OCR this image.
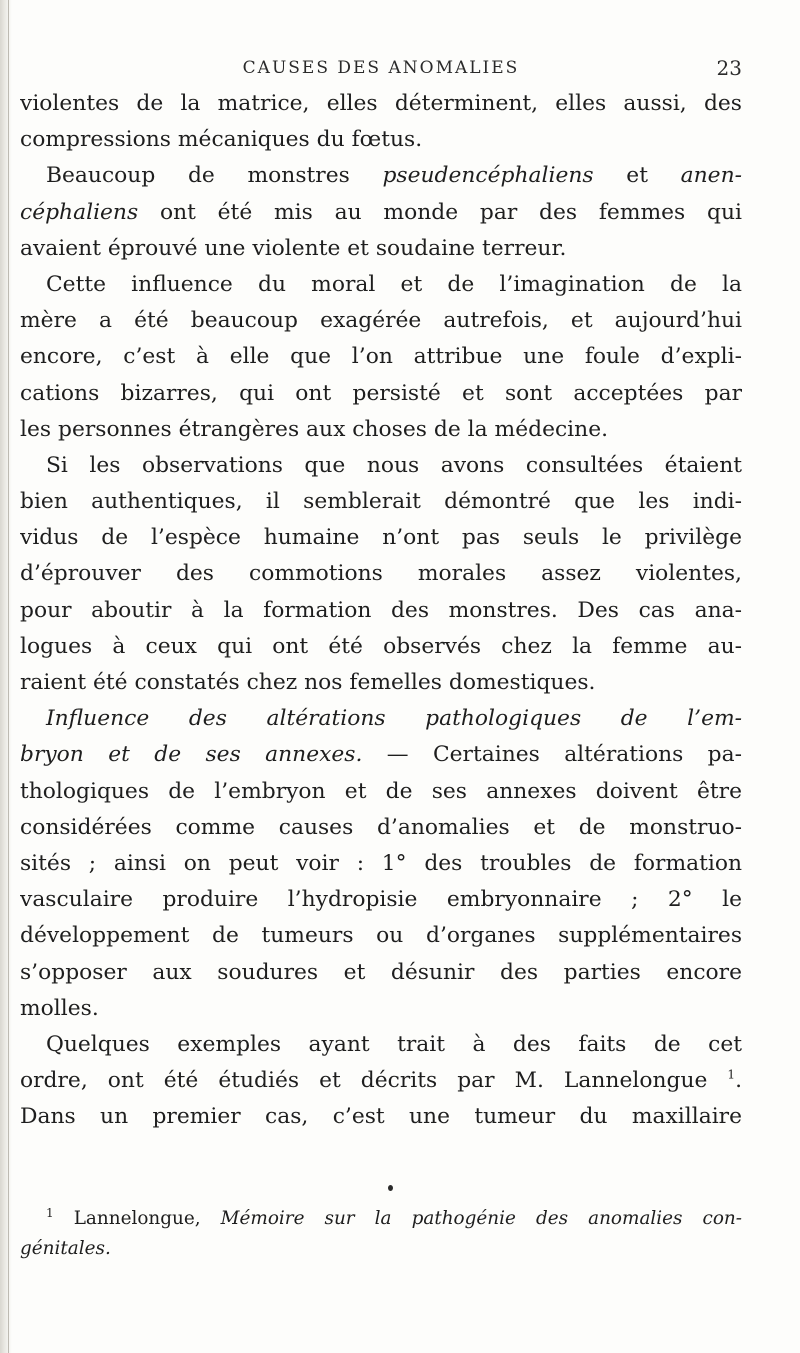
CAUSES DES ANOMALIES	23
violentes de la matrice, elles déterminent, elles aussi, des
compressions mécaniques du fœtus.
Beaucoup de monstres pseudencéphaliens et anen-
céphaliens ont été mis au monde par des femmes qui
avaient éprouvé une violente et soudaine terreur.
Cette influence du moral et de l’imagination de la
mère a été beaucoup exagérée autrefois, et aujourd’hui
encore, c’est à elle que l’on attribue une foule d’expli-
cations bizarres, qui ont persisté et sont acceptées par
les personnes étrangères aux choses de la médecine.
Si les observations que nous avons consultées étaient
bien authentiques, il semblerait démontré que les indi-
vidus de l’espèce humaine n’ont pas seuls le privilège
d’éprouver des commotions morales assez violentes,
pour aboutir à la formation des monstres. Des cas ana-
logues à ceux qui ont été observés chez la femme au-
raient été constatés chez nos femelles domestiques.
Influence des altérations pathologiques de l’em-
bryon et de ses annexes. — Certaines altérations pa-
thologiques de l’embryon et de ses annexes doivent être
considérées comme causes d’anomalies et de monstruo-
sités ; ainsi on peut voir : 1° des troubles de formation
vasculaire produire l’hydropisie embryonnaire ; 2° le
développement de tumeurs ou d’organes supplémentaires
s’opposer aux soudures et désunir des parties encore
molles.
Quelques exemples ayant trait à des faits de cet
ordre, ont été étudiés et décrits par M. Lannelongue $^1$.
Dans un premier cas, c’est une tumeur du maxillaire
$^1$ Lannelongue, Mémoire sur la pathogénie des anomalies con-
génitales.
